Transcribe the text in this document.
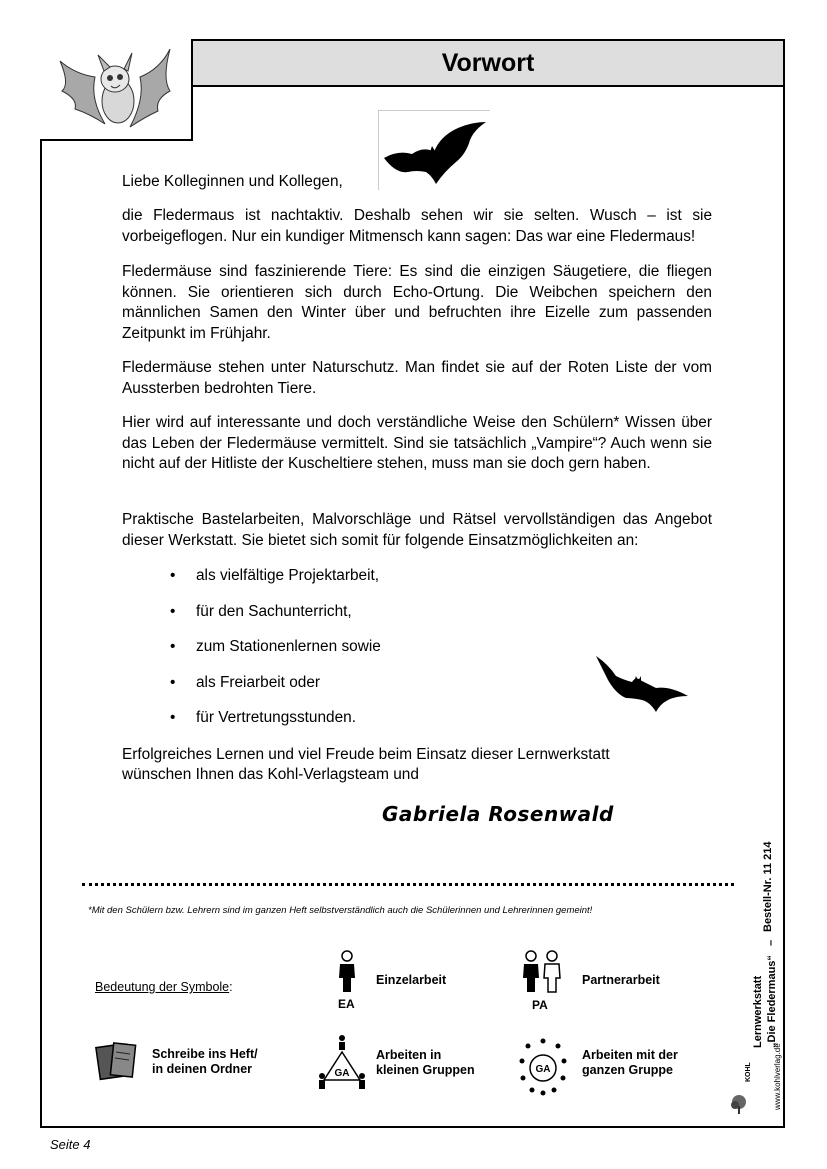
Vorwort
Liebe Kolleginnen und Kollegen,
die Fledermaus ist nachtaktiv. Deshalb sehen wir sie selten. Wusch – ist sie vorbeigeflogen. Nur ein kundiger Mitmensch kann sagen: Das war eine Fledermaus!
Fledermäuse sind faszinierende Tiere: Es sind die einzigen Säugetiere, die fliegen können. Sie orientieren sich durch Echo-Ortung. Die Weibchen speichern den männlichen Samen den Winter über und befruchten ihre Eizelle zum passenden Zeitpunkt im Frühjahr.
Fledermäuse stehen unter Naturschutz. Man findet sie auf der Roten Liste der vom Aussterben bedrohten Tiere.
Hier wird auf interessante und doch verständliche Weise den Schülern* Wissen über das Leben der Fledermäuse vermittelt. Sind sie tatsächlich „Vampire“? Auch wenn sie nicht auf der Hitliste der Kuscheltiere stehen, muss man sie doch gern haben.
Praktische Bastelarbeiten, Malvorschläge und Rätsel vervollständigen das Angebot dieser Werkstatt. Sie bietet sich somit für folgende Einsatzmöglichkeiten an:
•	als vielfältige Projektarbeit,
•	für den Sachunterricht,
•	zum Stationenlernen sowie
•	als Freiarbeit oder
•	für Vertretungsstunden.
Erfolgreiches Lernen und viel Freude beim Einsatz dieser Lernwerkstatt
wünschen Ihnen das Kohl-Verlagsteam und
Gabriela Rosenwald
*Mit den Schülern bzw. Lehrern sind im ganzen Heft selbstverständlich auch die Schülerinnen und Lehrerinnen gemeint!
Bedeutung der Symbole:
EA
Einzelarbeit
PA
Partnerarbeit
Schreibe ins Heft/
in deinen Ordner	GA
Arbeiten in
kleinen Gruppen	GA
Arbeiten mit der
ganzen Gruppe
Bestell-Nr. 11 214
–
„Die Fledermaus“
Lernwerkstatt
www.kohlverlag.de
KOHL
Seite 4
